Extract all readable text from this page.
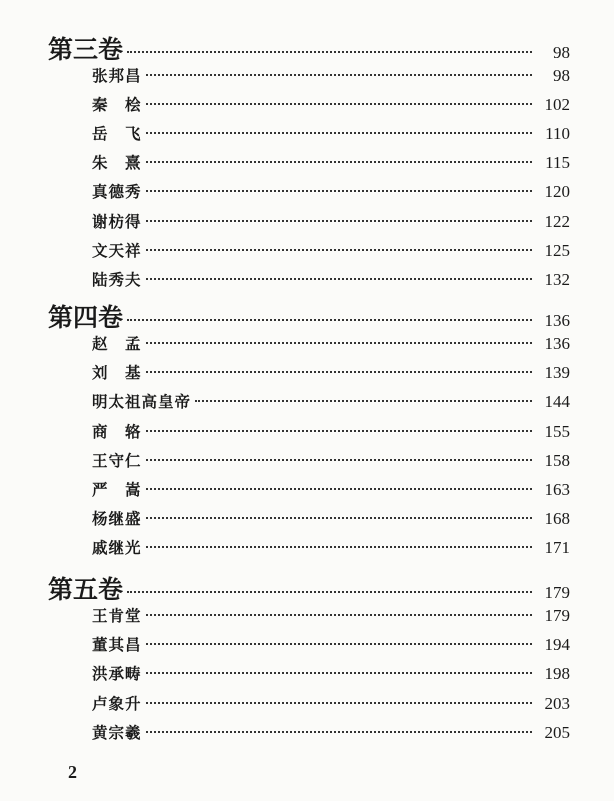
第三卷	98
张邦昌	98
秦　桧	102
岳　飞	110
朱　熹	115
真德秀	120
谢枋得	122
文天祥	125
陆秀夫	132
第四卷	136
赵　孟	136
刘　基	139
明太祖高皇帝	144
商　辂	155
王守仁	158
严　嵩	163
杨继盛	168
戚继光	171
第五卷	179
王肯堂	179
董其昌	194
洪承畴	198
卢象升	203
黄宗羲	205
2
